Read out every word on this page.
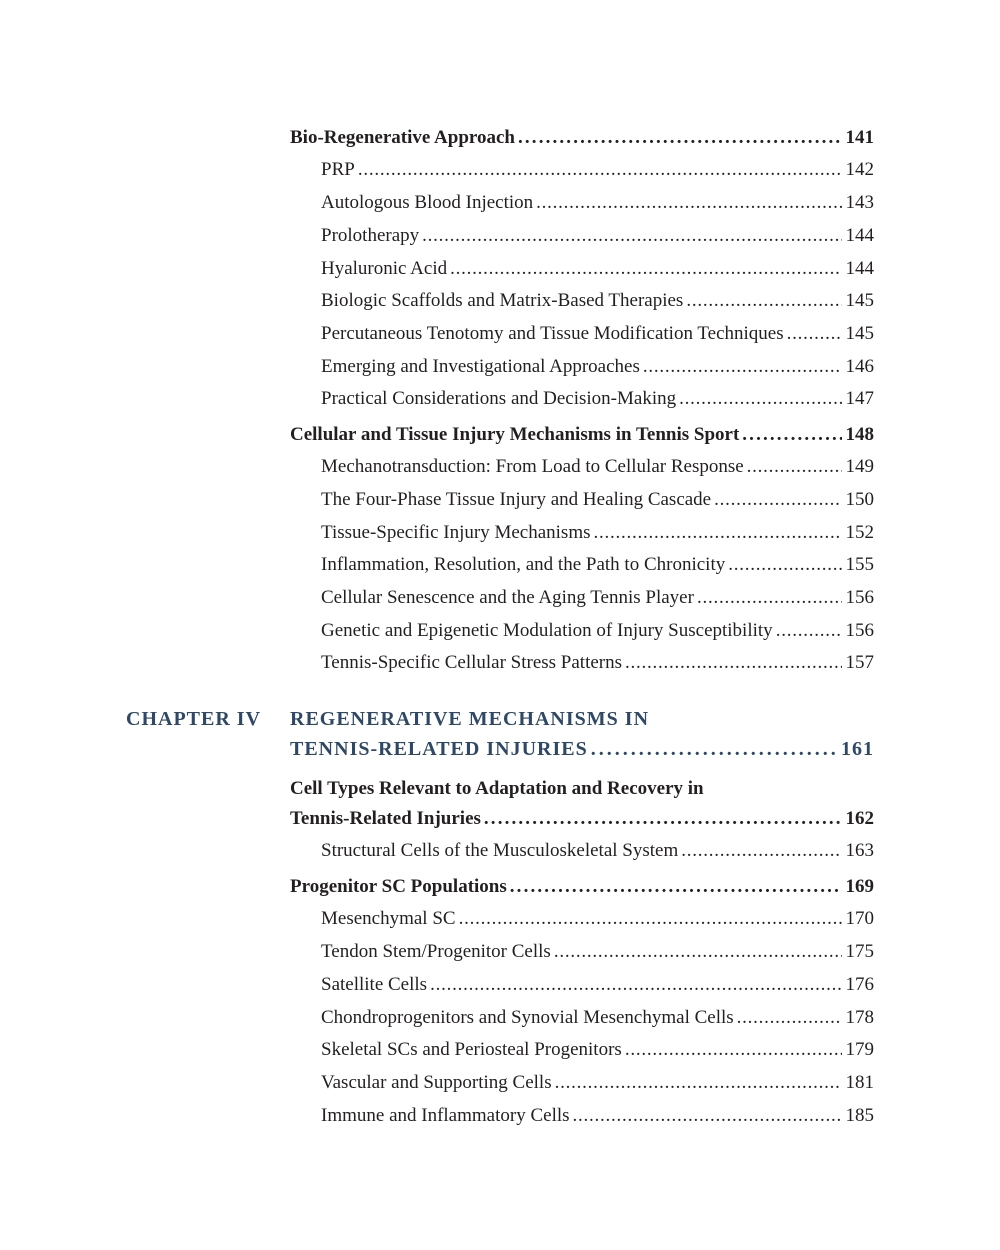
Bio-Regenerative Approach . . .	141
PRP . . .	142
Autologous Blood Injection . . .	143
Prolotherapy . . .	144
Hyaluronic Acid . . .	144
Biologic Scaffolds and Matrix-Based Therapies . . .	145
Percutaneous Tenotomy and Tissue Modification Techniques . . .	145
Emerging and Investigational Approaches . . .	146
Practical Considerations and Decision-Making . . .	147
Cellular and Tissue Injury Mechanisms in Tennis Sport . . .	148
Mechanotransduction: From Load to Cellular Response . . .	149
The Four-Phase Tissue Injury and Healing Cascade . . .	150
Tissue-Specific Injury Mechanisms . . .	152
Inflammation, Resolution, and the Path to Chronicity . . .	155
Cellular Senescence and the Aging Tennis Player . . .	156
Genetic and Epigenetic Modulation of Injury Susceptibility . . .	156
Tennis-Specific Cellular Stress Patterns . . .	157
CHAPTER IV REGENERATIVE MECHANISMS IN
TENNIS-RELATED INJURIES . . .	161
Cell Types Relevant to Adaptation and Recovery in
Tennis-Related Injuries . . .	162
Structural Cells of the Musculoskeletal System . . .	163
Progenitor SC Populations . . .	169
Mesenchymal SC . . .	170
Tendon Stem/Progenitor Cells . . .	175
Satellite Cells . . .	176
Chondroprogenitors and Synovial Mesenchymal Cells . . .	178
Skeletal SCs and Periosteal Progenitors . . .	179
Vascular and Supporting Cells . . .	181
Immune and Inflammatory Cells . . .	185
